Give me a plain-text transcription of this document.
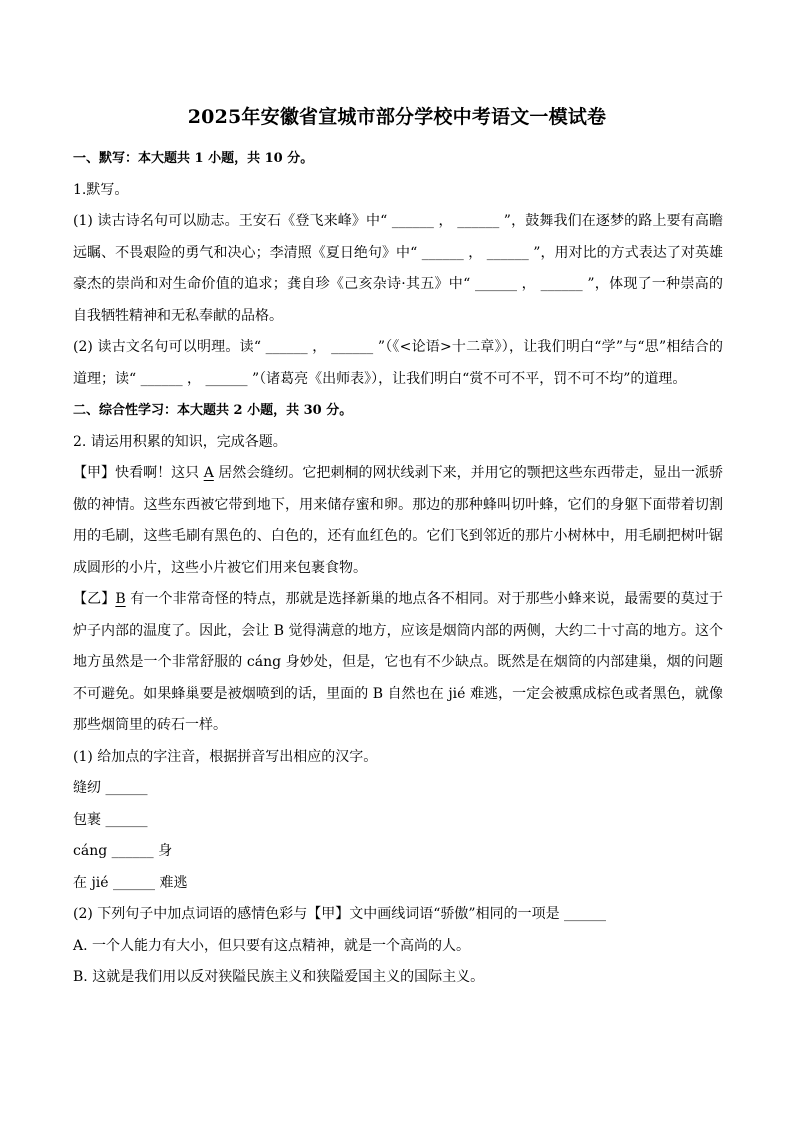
2025年安徽省宣城市部分学校中考语文一模试卷

一、默写：本大题共 1 小题，共 10 分。

1.默写。

(1) 读古诗名句可以励志。王安石《登飞来峰》中“ ______ ， ______ ”，鼓舞我们在逐梦的路上要有高瞻远瞩、不畏艰险的勇气和决心；李清照《夏日绝句》中“ ______ ， ______ ”，用对比的方式表达了对英雄豪杰的崇尚和对生命价值的追求；龚自珍《己亥杂诗·其五》中“ ______ ， ______ ”，体现了一种崇高的自我牺牲精神和无私奉献的品格。

(2) 读古文名句可以明理。读“ ______ ， ______ ”（《<论语>十二章》），让我们明白“学”与“思”相结合的道理；读“ ______ ， ______ ”（诸葛亮《出师表》），让我们明白“赏不可不平，罚不可不均”的道理。

二、综合性学习：本大题共 2 小题，共 30 分。

2. 请运用积累的知识，完成各题。

【甲】快看啊！这只 A 居然会缝纫。它把刺桐的网状线剥下来，并用它的颚把这些东西带走，显出一派骄傲的神情。这些东西被它带到地下，用来储存蜜和卵。那边的那种蜂叫切叶蜂，它们的身躯下面带着切割用的毛刷，这些毛刷有黑色的、白色的，还有血红色的。它们飞到邻近的那片小树林中，用毛刷把树叶锯成圆形的小片，这些小片被它们用来包裹食物。

【乙】B 有一个非常奇怪的特点，那就是选择新巢的地点各不相同。对于那些小蜂来说，最需要的莫过于炉子内部的温度了。因此，会让 B 觉得满意的地方，应该是烟筒内部的两侧，大约二十寸高的地方。这个地方虽然是一个非常舒服的 cáng 身妙处，但是，它也有不少缺点。既然是在烟筒的内部建巢，烟的问题不可避免。如果蜂巢要是被烟喷到的话，里面的 B 自然也在 jié 难逃，一定会被熏成棕色或者黑色，就像那些烟筒里的砖石一样。

(1) 给加点的字注音，根据拼音写出相应的汉字。

缝纫 ______

包裹 ______

cáng ______ 身

在 jié ______ 难逃

(2) 下列句子中加点词语的感情色彩与【甲】文中画线词语“骄傲”相同的一项是 ______

A. 一个人能力有大小，但只要有这点精神，就是一个高尚的人。

B. 这就是我们用以反对狭隘民族主义和狭隘爱国主义的国际主义。
